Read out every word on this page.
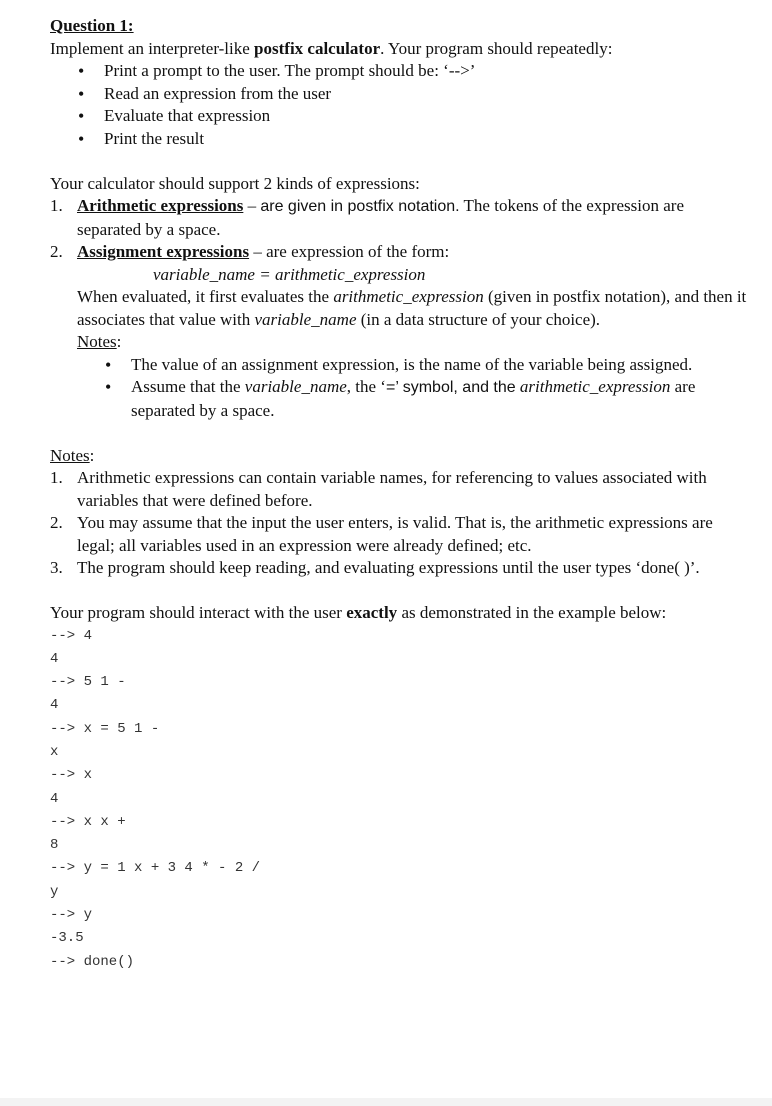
Question 1:

Implement an interpreter-like postfix calculator. Your program should repeatedly:

• Print a prompt to the user. The prompt should be: ‘-->’
• Read an expression from the user
• Evaluate that expression
• Print the result

Your calculator should support 2 kinds of expressions:

1. Arithmetic expressions – are given in postfix notation. The tokens of the expression are separated by a space.
2. Assignment expressions – are expression of the form:
variable_name = arithmetic_expression

When evaluated, it first evaluates the arithmetic_expression (given in postfix notation), and then it associates that value with variable_name (in a data structure of your choice).

Notes:

• The value of an assignment expression, is the name of the variable being assigned.
• Assume that the variable_name, the ‘=’ symbol, and the arithmetic_expression are separated by a space.

Notes:

1. Arithmetic expressions can contain variable names, for referencing to values associated with variables that were defined before.
2. You may assume that the input the user enters, is valid. That is, the arithmetic expressions are legal; all variables used in an expression were already defined; etc.
3. The program should keep reading, and evaluating expressions until the user types ‘done( )’.

Your program should interact with the user exactly as demonstrated in the example below:

--> 4
4
--> 5 1 -
4
--> x = 5 1 -
x
--> x
4
--> x x +
8
--> y = 1 x + 3 4 * - 2 /
y
--> y
-3.5
--> done()
